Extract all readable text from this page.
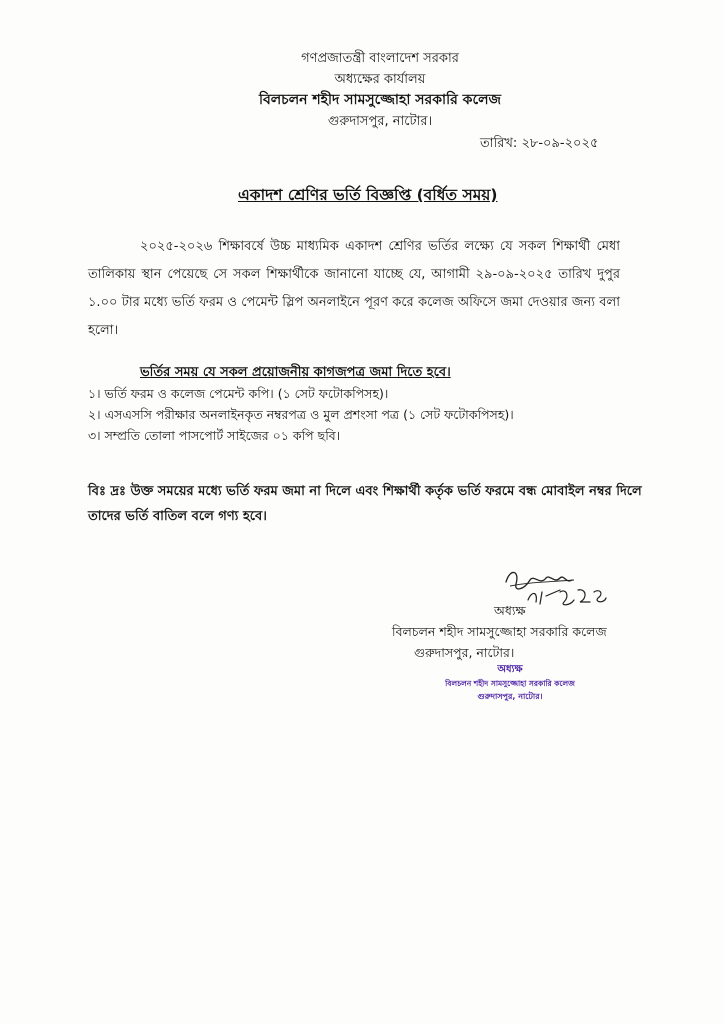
গণপ্রজাতন্ত্রী বাংলাদেশ সরকার
অধ্যক্ষের কার্যালয়
বিলচলন শহীদ সামসুজ্জোহা সরকারি কলেজ
গুরুদাসপুর, নাটোর।
তারিখ: ২৮-০৯-২০২৫
একাদশ শ্রেণির ভর্তি বিজ্ঞপ্তি (বর্ধিত সময়)

২০২৫-২০২৬ শিক্ষাবর্ষে উচ্চ মাধ্যমিক একাদশ শ্রেণির ভর্তির লক্ষ্যে যে সকল শিক্ষার্থী মেধা তালিকায় স্থান পেয়েছে সে সকল শিক্ষার্থীকে জানানো যাচ্ছে যে, আগামী ২৯-০৯-২০২৫ তারিখ দুপুর ১.০০ টার মধ্যে ভর্তি ফরম ও পেমেন্ট স্লিপ অনলাইনে পূরণ করে কলেজ অফিসে জমা দেওয়ার জন্য বলা হলো।

ভর্তির সময় যে সকল প্রয়োজনীয় কাগজপত্র জমা দিতে হবে।
১। ভর্তি ফরম ও কলেজ পেমেন্ট কপি। (১ সেট ফটোকপিসহ)।
২। এসএসসি পরীক্ষার অনলাইনকৃত নম্বরপত্র ও মুল প্রশংসা পত্র (১ সেট ফটোকপিসহ)।
৩। সম্প্রতি তোলা পাসপোর্ট সাইজের ০১ কপি ছবি।

বিঃ দ্রঃ উক্ত সময়ের মধ্যে ভর্তি ফরম জমা না দিলে এবং শিক্ষার্থী কর্তৃক ভর্তি ফরমে বন্ধ মোবাইল নম্বর দিলে তাদের ভর্তি বাতিল বলে গণ্য হবে।

অধ্যক্ষ
বিলচলন শহীদ সামসুজ্জোহা সরকারি কলেজ
গুরুদাসপুর, নাটোর।
অধ্যক্ষ
বিলচলন শহীদ সামসুজ্জোহা সরকারি কলেজ
গুরুদাসপুর, নাটোর।
